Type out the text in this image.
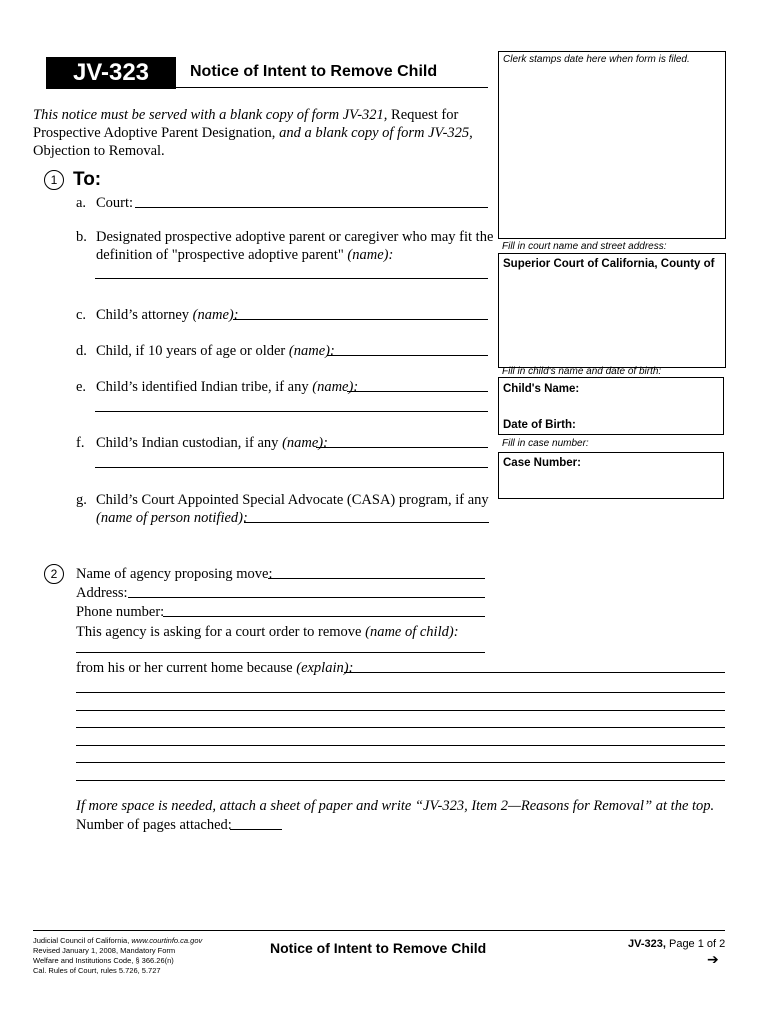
JV-323	Notice of Intent to Remove Child
This notice must be served with a blank copy of form JV-321, Request for
Prospective Adoptive Parent Designation, and a blank copy of form JV-325,
Objection to Removal.
Clerk stamps date here when form is filed.
Fill in court name and street address:
Superior Court of California, County of
Fill in child's name and date of birth:
Child's Name:
Date of Birth:
Fill in case number:
Case Number:
1 To:
a. Court:
b. Designated prospective adoptive parent or caregiver who may fit the
definition of "prospective adoptive parent" (name):
c. Child’s attorney (name):
d. Child, if 10 years of age or older (name):
e. Child’s identified Indian tribe, if any (name):
f. Child’s Indian custodian, if any (name):
g. Child’s Court Appointed Special Advocate (CASA) program, if any
(name of person notified):
2 Name of agency proposing move:
Address:
Phone number:
This agency is asking for a court order to remove (name of child):
from his or her current home because (explain):
If more space is needed, attach a sheet of paper and write “JV-323, Item 2—Reasons for Removal” at the top.
Number of pages attached:
Judicial Council of California, www.courtinfo.ca.gov
Revised January 1, 2008, Mandatory Form
Welfare and Institutions Code, § 366.26(n)
Cal. Rules of Court, rules 5.726, 5.727
Notice of Intent to Remove Child	JV-323, Page 1 of 2
➔
